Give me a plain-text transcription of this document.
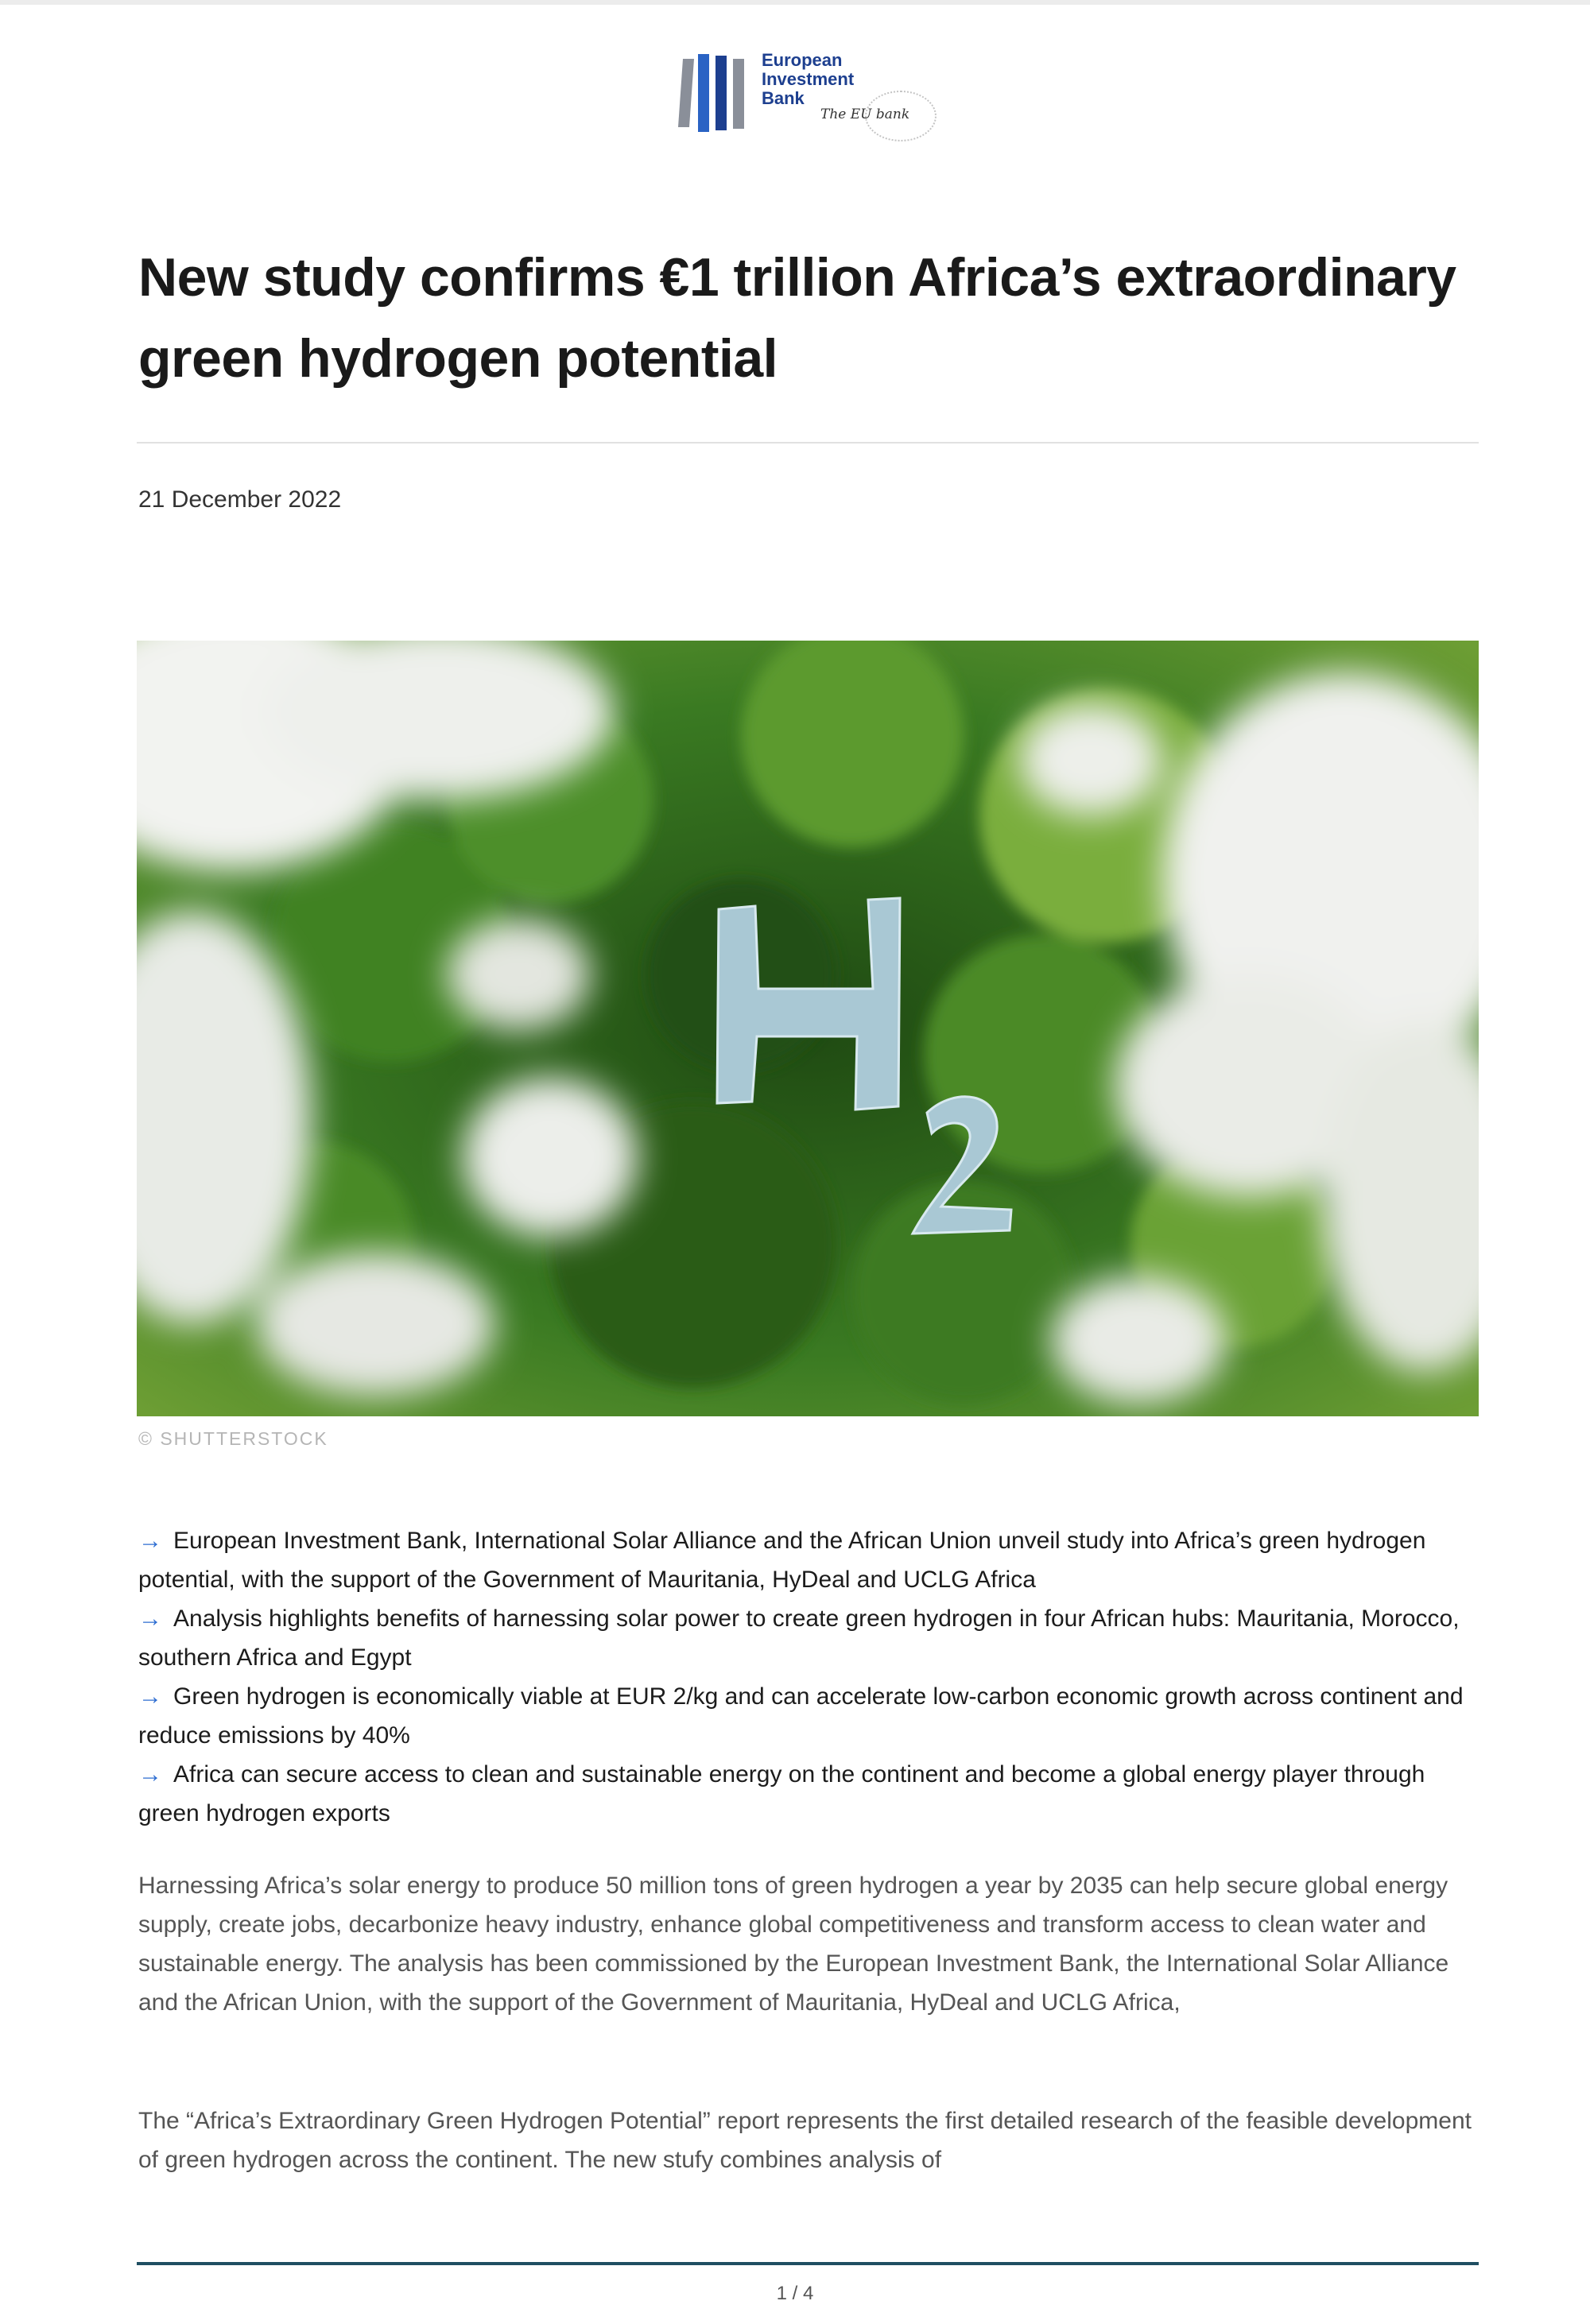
European
Investment
Bank
The EU bank
New study confirms €1 trillion Africa’s extraordinary green hydrogen potential
21 December 2022
© SHUTTERSTOCK
→ European Investment Bank, International Solar Alliance and the African Union unveil study into Africa’s green hydrogen potential, with the support of the Government of Mauritania, HyDeal and UCLG Africa
→ Analysis highlights benefits of harnessing solar power to create green hydrogen in four African hubs: Mauritania, Morocco, southern Africa and Egypt
→ Green hydrogen is economically viable at EUR 2/kg and can accelerate low-carbon economic growth across continent and reduce emissions by 40%
→ Africa can secure access to clean and sustainable energy on the continent and become a global energy player through green hydrogen exports

Harnessing Africa’s solar energy to produce 50 million tons of green hydrogen a year by 2035 can help secure global energy supply, create jobs, decarbonize heavy industry, enhance global competitiveness and transform access to clean water and sustainable energy. The analysis has been commissioned by the European Investment Bank, the International Solar Alliance and the African Union, with the support of the Government of Mauritania, HyDeal and UCLG Africa,

The “Africa’s Extraordinary Green Hydrogen Potential” report represents the first detailed research of the feasible development of green hydrogen across the continent. The new stufy combines analysis of

1 / 4
